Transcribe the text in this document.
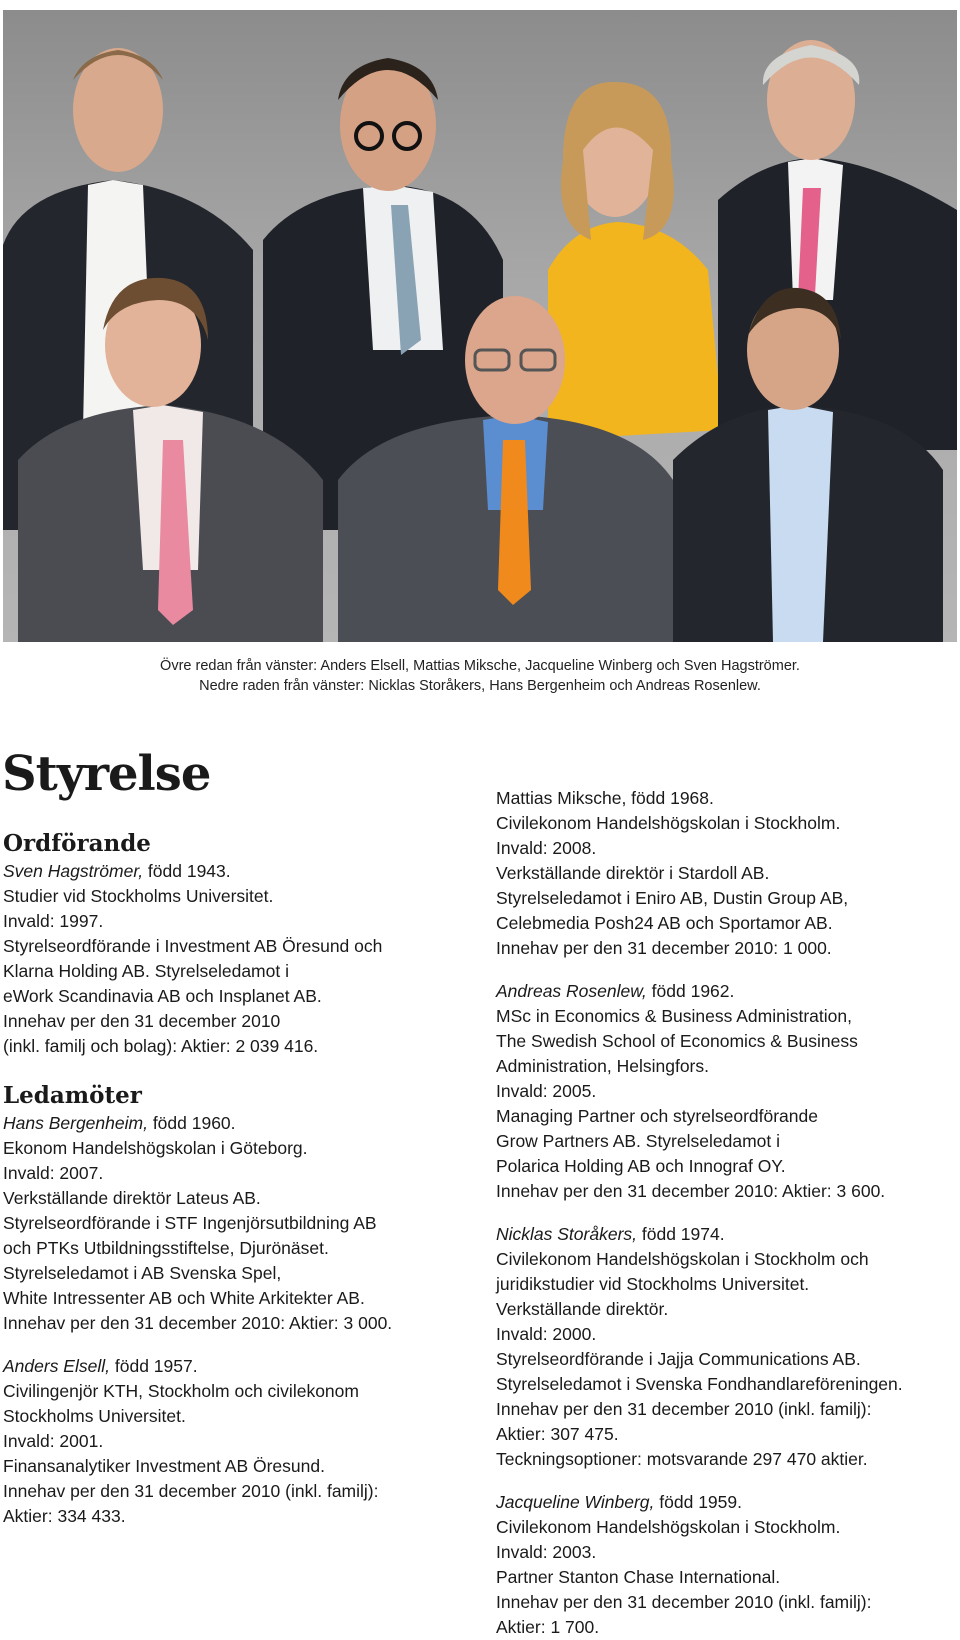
Övre redan från vänster: Anders Elsell, Mattias Miksche, Jacqueline Winberg och Sven Hagströmer.
Nedre raden från vänster: Nicklas Storåkers, Hans Bergenheim och Andreas Rosenlew.
Styrelse
Ordförande

Sven Hagströmer, född 1943.

Studier vid Stockholms Universitet.

Invald: 1997.

Styrelseordförande i Investment AB Öresund och

Klarna Holding AB. Styrelseledamot i

eWork Scandinavia AB och Insplanet AB.

Innehav per den 31 december 2010

(inkl. familj och bolag): Aktier: 2 039 416.

Ledamöter

Hans Bergenheim, född 1960.

Ekonom Handelshögskolan i Göteborg.

Invald: 2007.

Verkställande direktör Lateus AB.

Styrelseordförande i STF Ingenjörsutbildning AB

och PTKs Utbildningsstiftelse, Djurönäset.

Styrelseledamot i AB Svenska Spel,

White Intressenter AB och White Arkitekter AB.

Innehav per den 31 december 2010: Aktier: 3 000.

Anders Elsell, född 1957.

Civilingenjör KTH, Stockholm och civilekonom

Stockholms Universitet.

Invald: 2001.

Finansanalytiker Investment AB Öresund.

Innehav per den 31 december 2010 (inkl. familj):

Aktier: 334 433.

Mattias Miksche, född 1968.

Civilekonom Handelshögskolan i Stockholm.

Invald: 2008.

Verkställande direktör i Stardoll AB.

Styrelseledamot i Eniro AB, Dustin Group AB,

Celebmedia Posh24 AB och Sportamor AB.

Innehav per den 31 december 2010: 1 000.

Andreas Rosenlew, född 1962.

MSc in Economics & Business Administration,

The Swedish School of Economics & Business

Administration, Helsingfors.

Invald: 2005.

Managing Partner och styrelseordförande

Grow Partners AB. Styrelseledamot i

Polarica Holding AB och Innograf OY.

Innehav per den 31 december 2010: Aktier: 3 600.

Nicklas Storåkers, född 1974.

Civilekonom Handelshögskolan i Stockholm och

juridikstudier vid Stockholms Universitet.

Verkställande direktör.

Invald: 2000.

Styrelseordförande i Jajja Communications AB.

Styrelseledamot i Svenska Fondhandlareföreningen.

Innehav per den 31 december 2010 (inkl. familj):

Aktier: 307 475.

Teckningsoptioner: motsvarande 297 470 aktier.

Jacqueline Winberg, född 1959.

Civilekonom Handelshögskolan i Stockholm.

Invald: 2003.

Partner Stanton Chase International.

Innehav per den 31 december 2010 (inkl. familj):

Aktier: 1 700.
